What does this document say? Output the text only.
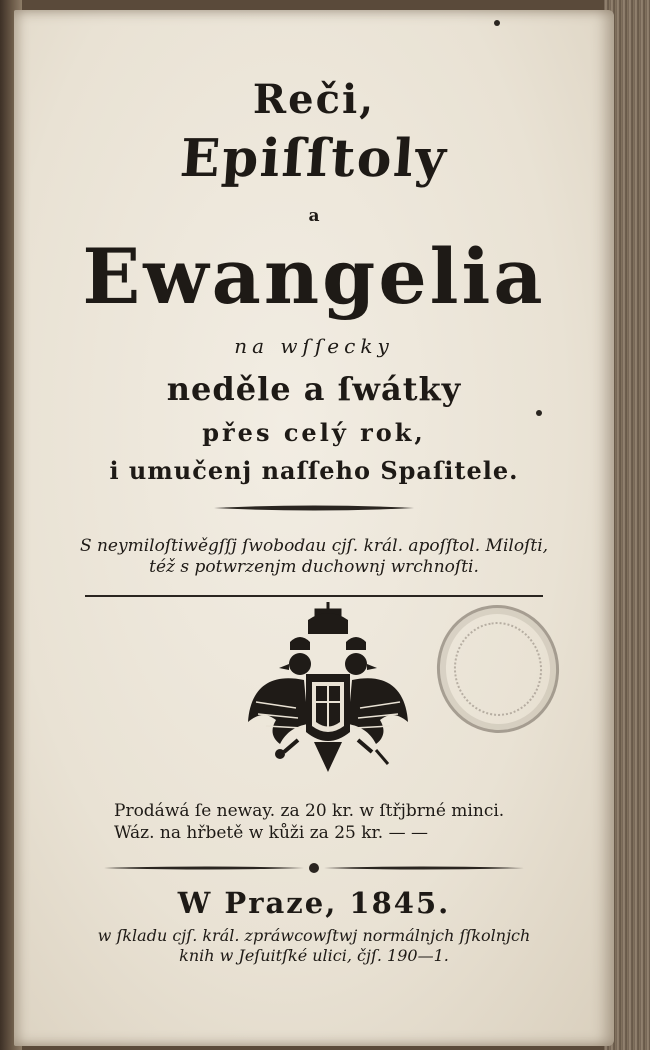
Reči,
Epiſſtoly
a
Ewangelia
na wſſecky
neděle a ſwátky
přes celý rok,
i umučenj naſſeho Spaſitele.
S neymiloſtiwěgſſj ſwobodau cjſ. král. apoſſtol. Miloſti,
též s potwrzenjm duchownj wrchnoſti.
Prodáwá ſe neway. za 20 kr. w ſtřjbrné minci.
Wáz. na hřbetě w kůži za 25 kr. — —
W Praze, 1845.
w ſkladu cjſ. král. zpráwcowſtwj normálnjch ſſkolnjch
knih w Jeſuitſké ulici, čjſ. 190—1.
